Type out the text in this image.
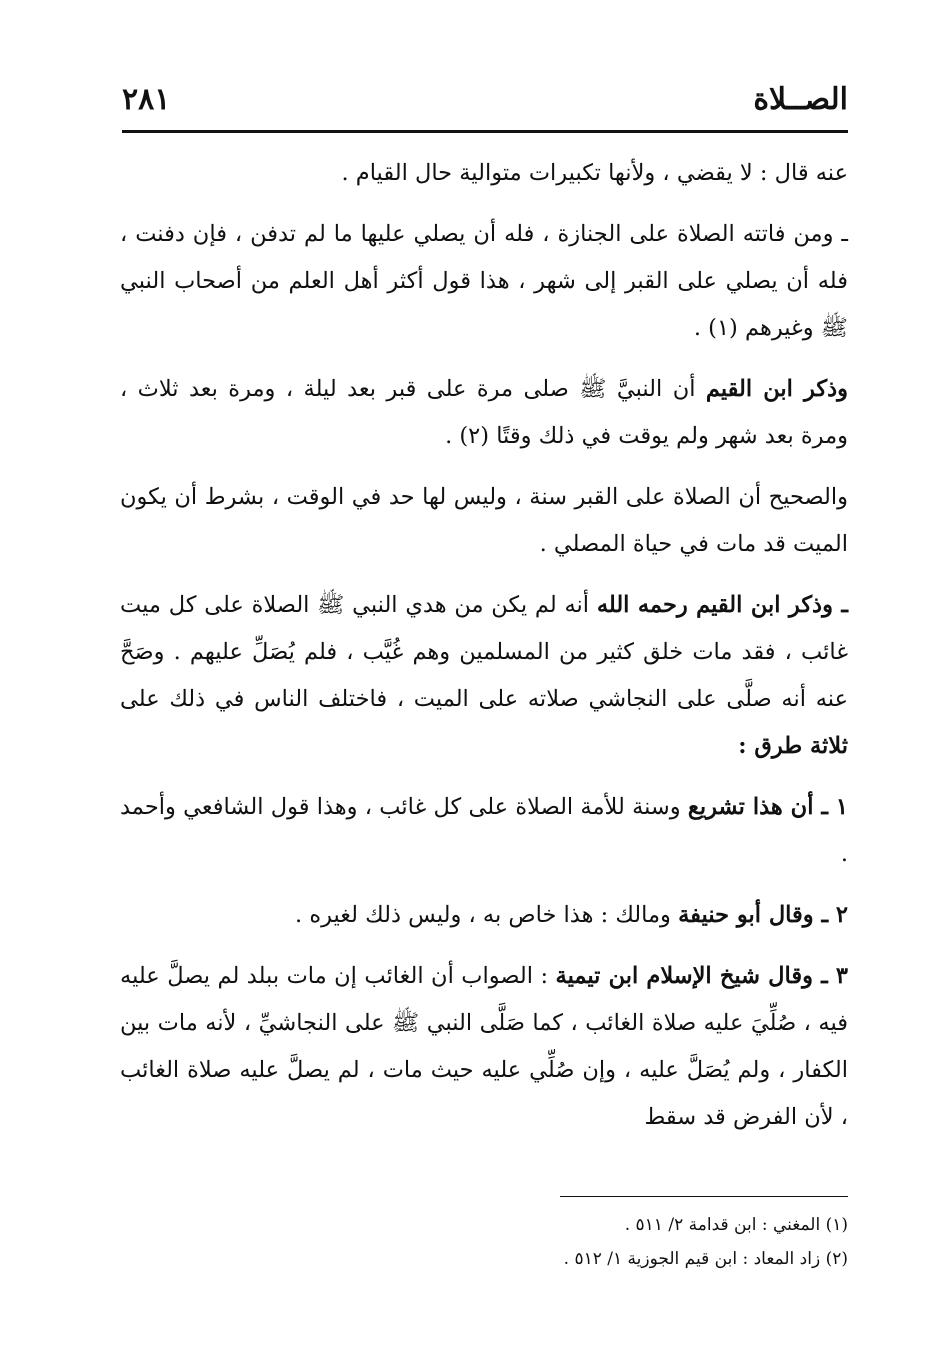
الصــلاة
٢٨١

عنه قال : لا يقضي ، ولأنها تكبيرات متوالية حال القيام .

ـ ومن فاتته الصلاة على الجنازة ، فله أن يصلي عليها ما لم تدفن ، فإن دفنت ، فله أن يصلي على القبر إلى شهر ، هذا قول أكثر أهل العلم من أصحاب النبي ﷺ وغيرهم (١) .

وذكر ابن القيم أن النبيَّ ﷺ صلى مرة على قبر بعد ليلة ، ومرة بعد ثلاث ، ومرة بعد شهر ولم يوقت في ذلك وقتًا (٢) .

والصحيح أن الصلاة على القبر سنة ، وليس لها حد في الوقت ، بشرط أن يكون الميت قد مات في حياة المصلي .

ـ وذكر ابن القيم رحمه الله أنه لم يكن من هدي النبي ﷺ الصلاة على كل ميت غائب ، فقد مات خلق كثير من المسلمين وهم غُيَّب ، فلم يُصَلِّ عليهم . وصَحَّ عنه أنه صلَّى على النجاشي صلاته على الميت ، فاختلف الناس في ذلك على ثلاثة طرق :

١ ـ أن هذا تشريع وسنة للأمة الصلاة على كل غائب ، وهذا قول الشافعي وأحمد .

٢ ـ وقال أبو حنيفة ومالك : هذا خاص به ، وليس ذلك لغيره .

٣ ـ وقال شيخ الإسلام ابن تيمية : الصواب أن الغائب إن مات ببلد لم يصلَّ عليه فيه ، صُلِّيَ عليه صلاة الغائب ، كما صَلَّى النبي ﷺ على النجاشيِّ ، لأنه مات بين الكفار ، ولم يُصَلَّ عليه ، وإن صُلِّي عليه حيث مات ، لم يصلَّ عليه صلاة الغائب ، لأن الفرض قد سقط

(١) المغني : ابن قدامة ٢/ ٥١١ .

(٢) زاد المعاد : ابن قيم الجوزية ١/ ٥١٢ .
